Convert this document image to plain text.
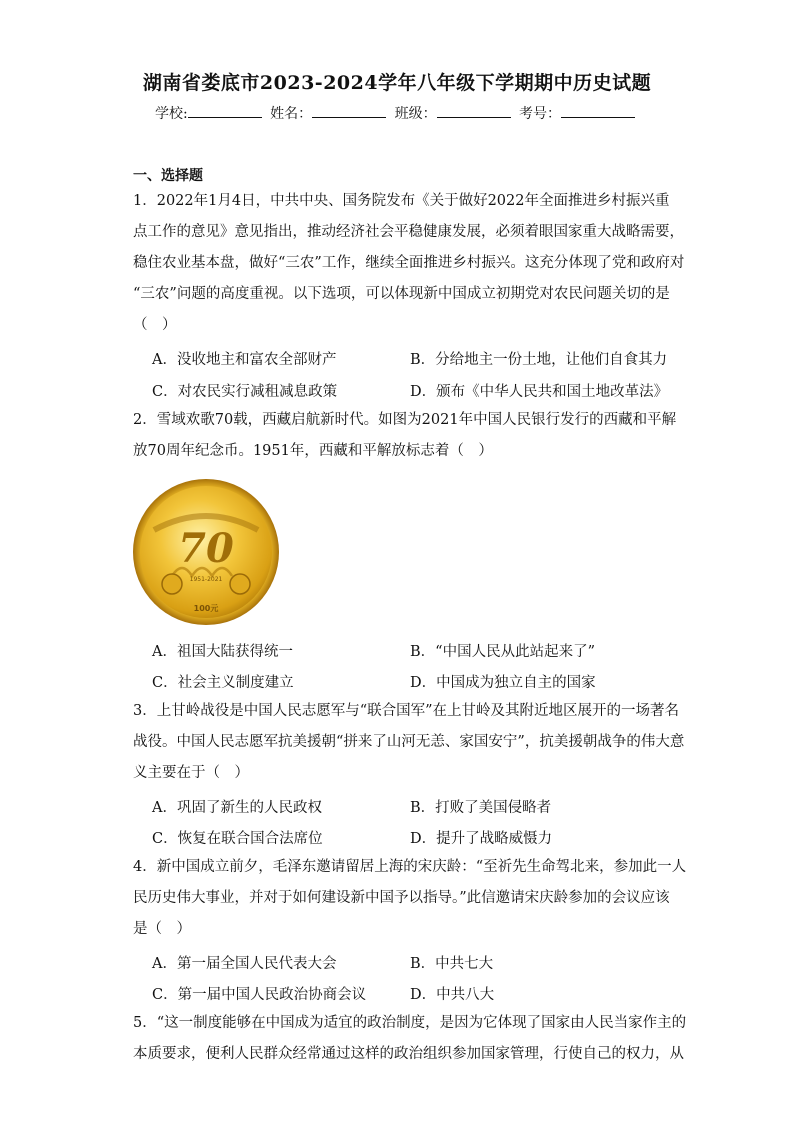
湖南省娄底市2023-2024学年八年级下学期期中历史试题
学校:	姓名：	班级：	考号：
一、选择题
1．2022年1月4日，中共中央、国务院发布《关于做好2022年全面推进乡村振兴重
点工作的意见》意见指出，推动经济社会平稳健康发展，必须着眼国家重大战略需要，
稳住农业基本盘，做好“三农”工作，继续全面推进乡村振兴。这充分体现了党和政府对
“三农”问题的高度重视。以下选项，可以体现新中国成立初期党对农民问题关切的是
（　）
A．没收地主和富农全部财产	B．分给地主一份土地，让他们自食其力
C．对农民实行减租减息政策	D．颁布《中华人民共和国土地改革法》
2．雪域欢歌70载，西藏启航新时代。如图为2021年中国人民银行发行的西藏和平解
放70周年纪念币。1951年，西藏和平解放标志着（　）
70
1951-2021
100元
A．祖国大陆获得统一	B．“中国人民从此站起来了”
C．社会主义制度建立	D．中国成为独立自主的国家
3．上甘岭战役是中国人民志愿军与“联合国军”在上甘岭及其附近地区展开的一场著名
战役。中国人民志愿军抗美援朝“拼来了山河无恙、家国安宁”，抗美援朝战争的伟大意
义主要在于（　）
A．巩固了新生的人民政权	B．打败了美国侵略者
C．恢复在联合国合法席位	D．提升了战略威慑力
4．新中国成立前夕，毛泽东邀请留居上海的宋庆龄：“至祈先生命驾北来，参加此一人
民历史伟大事业，并对于如何建设新中国予以指导。”此信邀请宋庆龄参加的会议应该
是（　）
A．第一届全国人民代表大会	B．中共七大
C．第一届中国人民政治协商会议	D．中共八大
5．“这一制度能够在中国成为适宜的政治制度，是因为它体现了国家由人民当家作主的
本质要求，便利人民群众经常通过这样的政治组织参加国家管理，行使自己的权力，从
